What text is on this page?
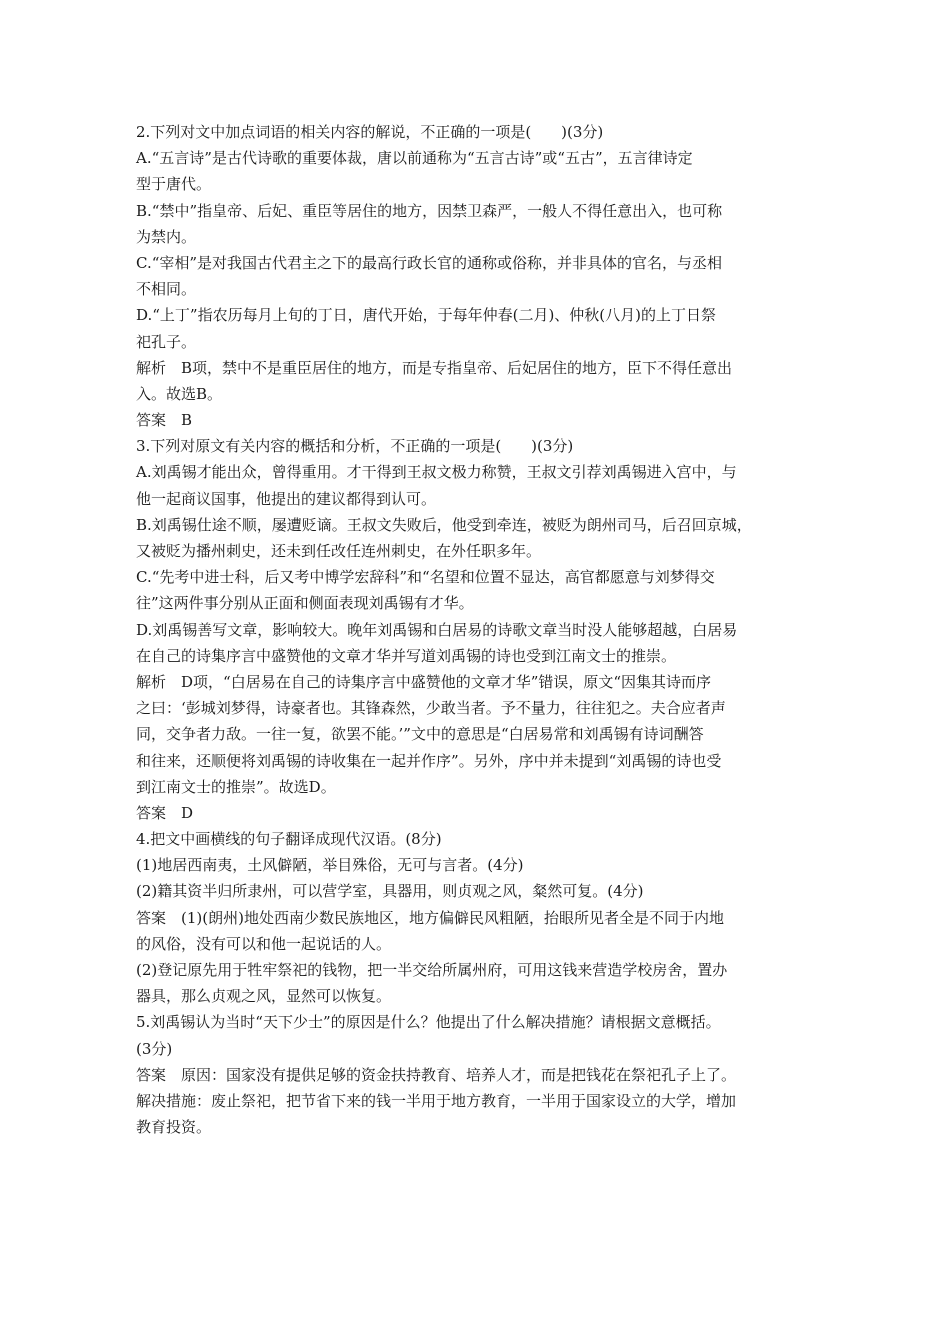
2.下列对文中加点词语的相关内容的解说，不正确的一项是(　　)(3分)
A.“五言诗”是古代诗歌的重要体裁，唐以前通称为“五言古诗”或“五古”，五言律诗定
型于唐代。
B.“禁中”指皇帝、后妃、重臣等居住的地方，因禁卫森严，一般人不得任意出入，也可称
为禁内。
C.“宰相”是对我国古代君主之下的最高行政长官的通称或俗称，并非具体的官名，与丞相
不相同。
D.“上丁”指农历每月上旬的丁日，唐代开始，于每年仲春(二月)、仲秋(八月)的上丁日祭
祀孔子。
解析　B项，禁中不是重臣居住的地方，而是专指皇帝、后妃居住的地方，臣下不得任意出
入。故选B。
答案　B
3.下列对原文有关内容的概括和分析，不正确的一项是(　　)(3分)
A.刘禹锡才能出众，曾得重用。才干得到王叔文极力称赞，王叔文引荐刘禹锡进入宫中，与
他一起商议国事，他提出的建议都得到认可。
B.刘禹锡仕途不顺，屡遭贬谪。王叔文失败后，他受到牵连，被贬为朗州司马，后召回京城，
又被贬为播州刺史，还未到任改任连州刺史，在外任职多年。
C.“先考中进士科，后又考中博学宏辞科”和“名望和位置不显达，高官都愿意与刘梦得交
往”这两件事分别从正面和侧面表现刘禹锡有才华。
D.刘禹锡善写文章，影响较大。晚年刘禹锡和白居易的诗歌文章当时没人能够超越，白居易
在自己的诗集序言中盛赞他的文章才华并写道刘禹锡的诗也受到江南文士的推崇。
解析　D项，“白居易在自己的诗集序言中盛赞他的文章才华”错误，原文“因集其诗而序
之曰：‘彭城刘梦得，诗豪者也。其锋森然，少敢当者。予不量力，往往犯之。夫合应者声
同，交争者力敌。一往一复，欲罢不能。’”文中的意思是“白居易常和刘禹锡有诗词酬答
和往来，还顺便将刘禹锡的诗收集在一起并作序”。另外，序中并未提到“刘禹锡的诗也受
到江南文士的推崇”。故选D。
答案　D
4.把文中画横线的句子翻译成现代汉语。(8分)
(1)地居西南夷，土风僻陋，举目殊俗，无可与言者。(4分)
(2)籍其资半归所隶州，可以营学室，具器用，则贞观之风，粲然可复。(4分)
答案　(1)(朗州)地处西南少数民族地区，地方偏僻民风粗陋，抬眼所见者全是不同于内地
的风俗，没有可以和他一起说话的人。
(2)登记原先用于牲牢祭祀的钱物，把一半交给所属州府，可用这钱来营造学校房舍，置办
器具，那么贞观之风，显然可以恢复。
5.刘禹锡认为当时“天下少士”的原因是什么？他提出了什么解决措施？请根据文意概括。
(3分)
答案　原因：国家没有提供足够的资金扶持教育、培养人才，而是把钱花在祭祀孔子上了。
解决措施：废止祭祀，把节省下来的钱一半用于地方教育，一半用于国家设立的大学，增加
教育投资。
